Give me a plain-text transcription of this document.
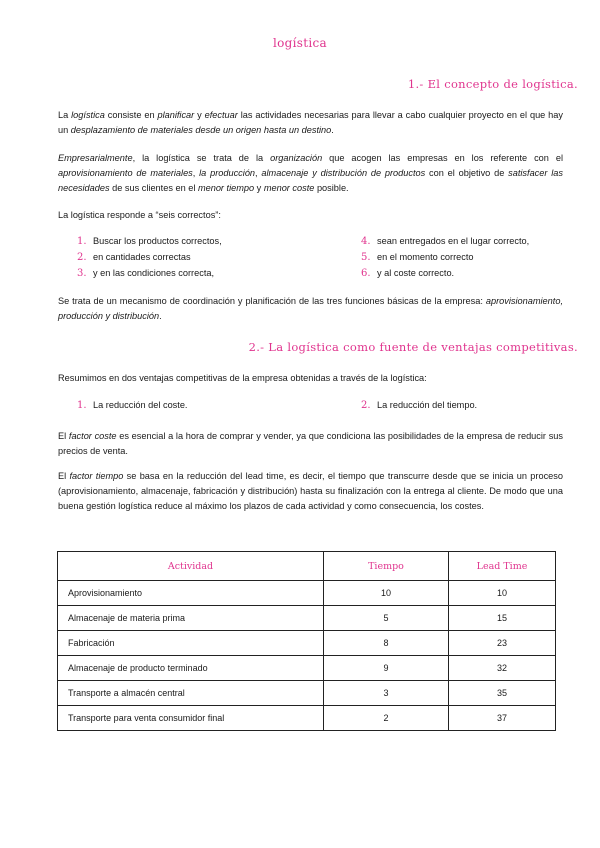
logística
1.- El concepto de logística.
La logística consiste en planificar y efectuar las actividades necesarias para llevar a cabo cualquier proyecto en el que hay un desplazamiento de materiales desde un origen hasta un destino.
Empresarialmente, la logística se trata de la organización que acogen las empresas en los referente con el aprovisionamiento de materiales, la producción, almacenaje y distribución de productos con el objetivo de satisfacer las necesidades de sus clientes en el menor tiempo y menor coste posible.
La logística responde a “seis correctos”:
1. Buscar los productos correctos,
2. en cantidades correctas
3. y en las condiciones correcta,
4. sean entregados en el lugar correcto,
5. en el momento correcto
6. y al coste correcto.
Se trata de un mecanismo de coordinación y planificación de las tres funciones básicas de la empresa: aprovisionamiento, producción y distribución.
2.- La logística como fuente de ventajas competitivas.
Resumimos en dos ventajas competitivas de la empresa obtenidas a través de la logística:
1. La reducción del coste.	2. La reducción del tiempo.
El factor coste es esencial a la hora de comprar y vender, ya que condiciona las posibilidades de la empresa de reducir sus precios de venta.
El factor tiempo se basa en la reducción del lead time, es decir, el tiempo que transcurre desde que se inicia un proceso (aprovisionamiento, almacenaje, fabricación y distribución) hasta su finalización con la entrega al cliente. De modo que una buena gestión logística reduce al máximo los plazos de cada actividad y como consecuencia, los costes.
Actividad	Tiempo	Lead Time
Aprovisionamiento	10	10
Almacenaje de materia prima	5	15
Fabricación	8	23
Almacenaje de producto terminado	9	32
Transporte a almacén central	3	35
Transporte para venta consumidor final	2	37
